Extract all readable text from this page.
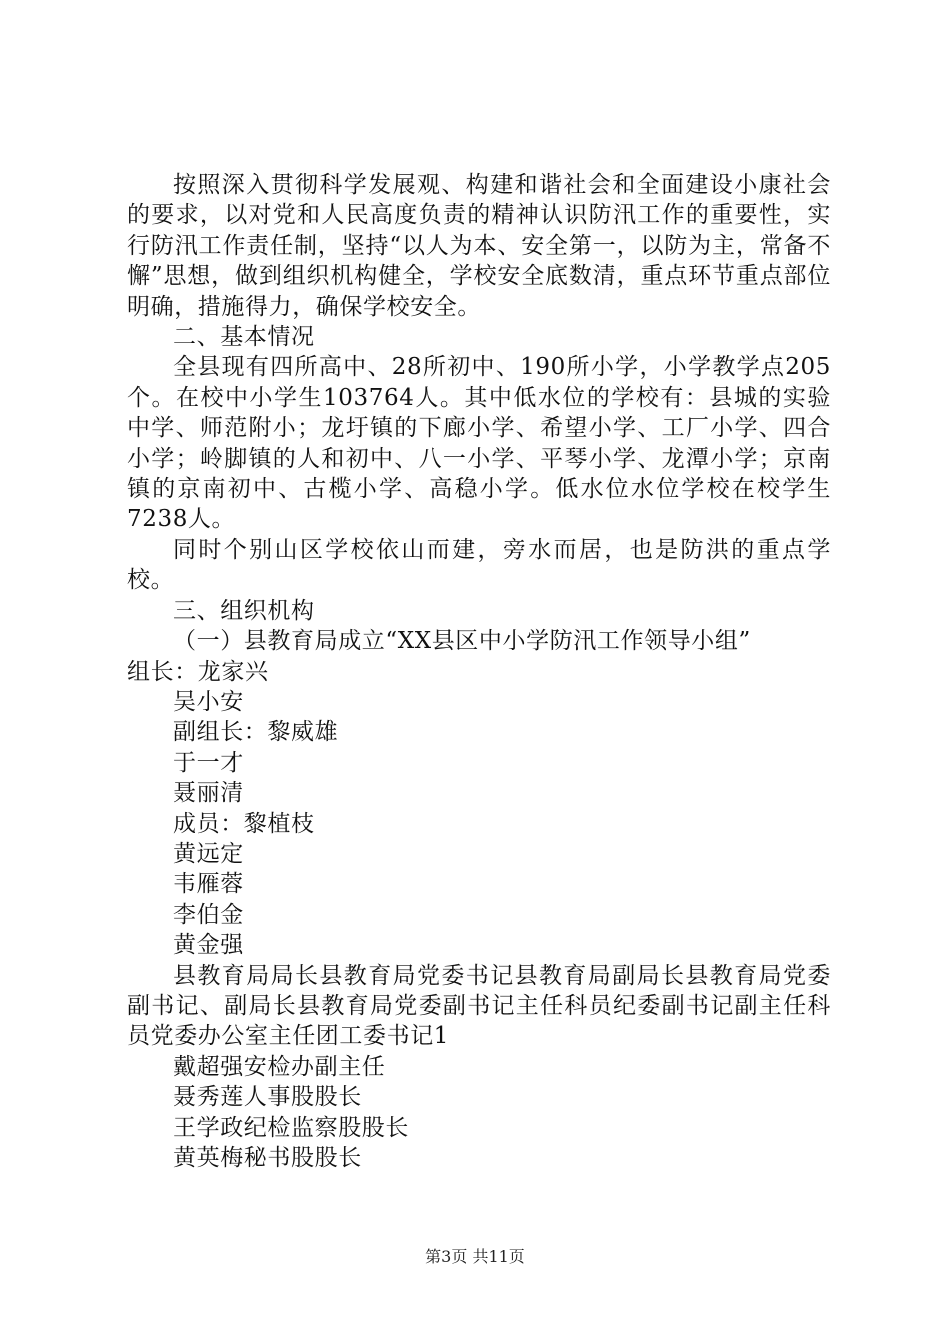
按照深入贯彻科学发展观、构建和谐社会和全面建设小康社会的要求，以对党和人民高度负责的精神认识防汛工作的重要性，实行防汛工作责任制，坚持“以人为本、安全第一，以防为主，常备不懈”思想，做到组织机构健全，学校安全底数清，重点环节重点部位明确，措施得力，确保学校安全。

二、基本情况

全县现有四所高中、28所初中、190所小学，小学教学点205个。在校中小学生103764人。其中低水位的学校有：县城的实验中学、师范附小；龙圩镇的下廊小学、希望小学、工厂小学、四合小学；岭脚镇的人和初中、八一小学、平琴小学、龙潭小学；京南镇的京南初中、古榄小学、高稳小学。低水位水位学校在校学生7238人。

同时个别山区学校依山而建，旁水而居，也是防洪的重点学校。

三、组织机构

（一）县教育局成立“XX县区中小学防汛工作领导小组”

组长：龙家兴

吴小安

副组长：黎威雄

于一才

聂丽清

成员：黎植枝

黄远定

韦雁蓉

李伯金

黄金强

县教育局局长县教育局党委书记县教育局副局长县教育局党委副书记、副局长县教育局党委副书记主任科员纪委副书记副主任科员党委办公室主任团工委书记1

戴超强安检办副主任

聂秀莲人事股股长

王学政纪检监察股股长

黄英梅秘书股股长

第3页 共11页
